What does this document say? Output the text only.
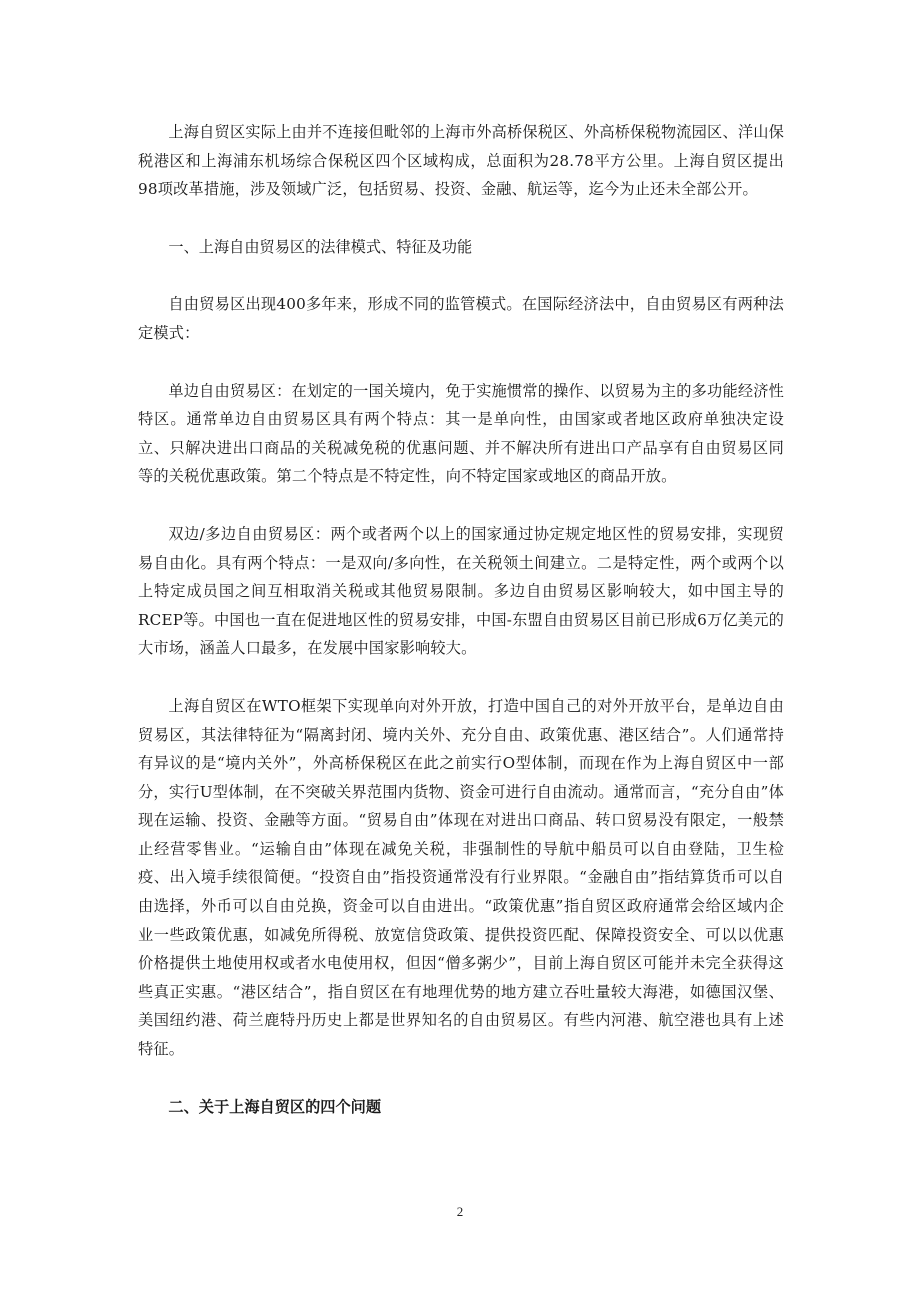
上海自贸区实际上由并不连接但毗邻的上海市外高桥保税区、外高桥保税物流园区、洋山保税港区和上海浦东机场综合保税区四个区域构成，总面积为28.78平方公里。上海自贸区提出98项改革措施，涉及领域广泛，包括贸易、投资、金融、航运等，迄今为止还未全部公开。

一、上海自由贸易区的法律模式、特征及功能

自由贸易区出现400多年来，形成不同的监管模式。在国际经济法中，自由贸易区有两种法定模式：

单边自由贸易区：在划定的一国关境内，免于实施惯常的操作、以贸易为主的多功能经济性特区。通常单边自由贸易区具有两个特点：其一是单向性，由国家或者地区政府单独决定设立、只解决进出口商品的关税减免税的优惠问题、并不解决所有进出口产品享有自由贸易区同等的关税优惠政策。第二个特点是不特定性，向不特定国家或地区的商品开放。

双边/多边自由贸易区：两个或者两个以上的国家通过协定规定地区性的贸易安排，实现贸易自由化。具有两个特点：一是双向/多向性，在关税领土间建立。二是特定性，两个或两个以上特定成员国之间互相取消关税或其他贸易限制。多边自由贸易区影响较大，如中国主导的RCEP等。中国也一直在促进地区性的贸易安排，中国-东盟自由贸易区目前已形成6万亿美元的大市场，涵盖人口最多，在发展中国家影响较大。

上海自贸区在WTO框架下实现单向对外开放，打造中国自己的对外开放平台，是单边自由贸易区，其法律特征为“隔离封闭、境内关外、充分自由、政策优惠、港区结合”。人们通常持有异议的是“境内关外”，外高桥保税区在此之前实行O型体制，而现在作为上海自贸区中一部分，实行U型体制，在不突破关界范围内货物、资金可进行自由流动。通常而言，“充分自由”体现在运输、投资、金融等方面。“贸易自由”体现在对进出口商品、转口贸易没有限定，一般禁止经营零售业。“运输自由”体现在减免关税，非强制性的导航中船员可以自由登陆，卫生检疫、出入境手续很简便。“投资自由”指投资通常没有行业界限。“金融自由”指结算货币可以自由选择，外币可以自由兑换，资金可以自由进出。“政策优惠”指自贸区政府通常会给区域内企业一些政策优惠，如减免所得税、放宽信贷政策、提供投资匹配、保障投资安全、可以以优惠价格提供土地使用权或者水电使用权，但因“僧多粥少”，目前上海自贸区可能并未完全获得这些真正实惠。“港区结合”，指自贸区在有地理优势的地方建立吞吐量较大海港，如德国汉堡、美国纽约港、荷兰鹿特丹历史上都是世界知名的自由贸易区。有些内河港、航空港也具有上述特征。

二、关于上海自贸区的四个问题

2
